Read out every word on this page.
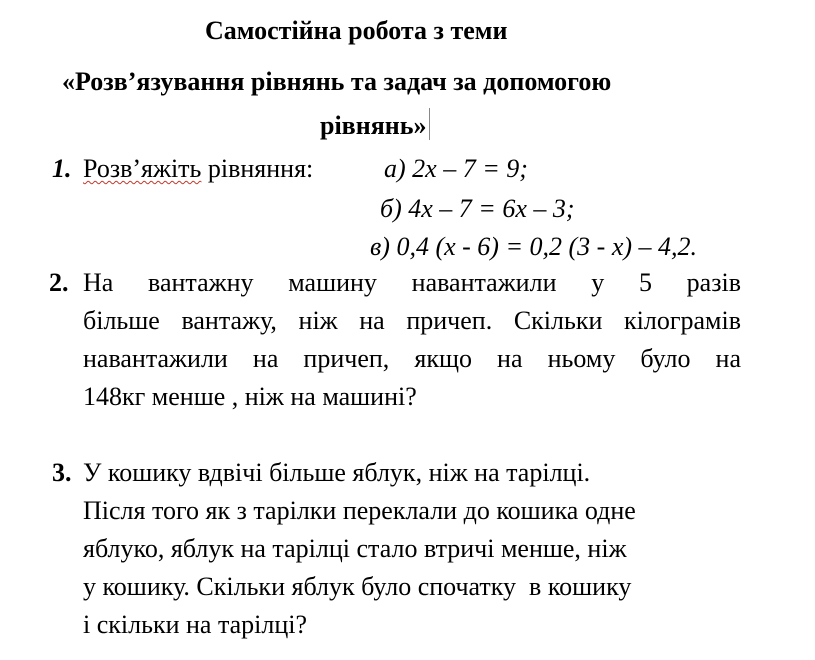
Самостійна робота з теми
«Розв’язування рівнянь та задач за допомогою
рівнянь»
1. Розв’яжіть рівняння:	а) 2х – 7 = 9;
б) 4х – 7 = 6х – 3;
в) 0,4 (х - 6) = 0,2 (3 - х) – 4,2.
2. На вантажну машину навантажили у 5 разів
більше вантажу, ніж на причеп. Скільки кілограмів
навантажили на причеп, якщо на ньому було на
148кг менше , ніж на машині?
3. У кошику вдвічі більше яблук, ніж на тарілці.
Після того як з тарілки переклали до кошика одне
яблуко, яблук на тарілці стало втричі менше, ніж
у кошику. Скільки яблук було спочатку  в кошику
і скільки на тарілці?
